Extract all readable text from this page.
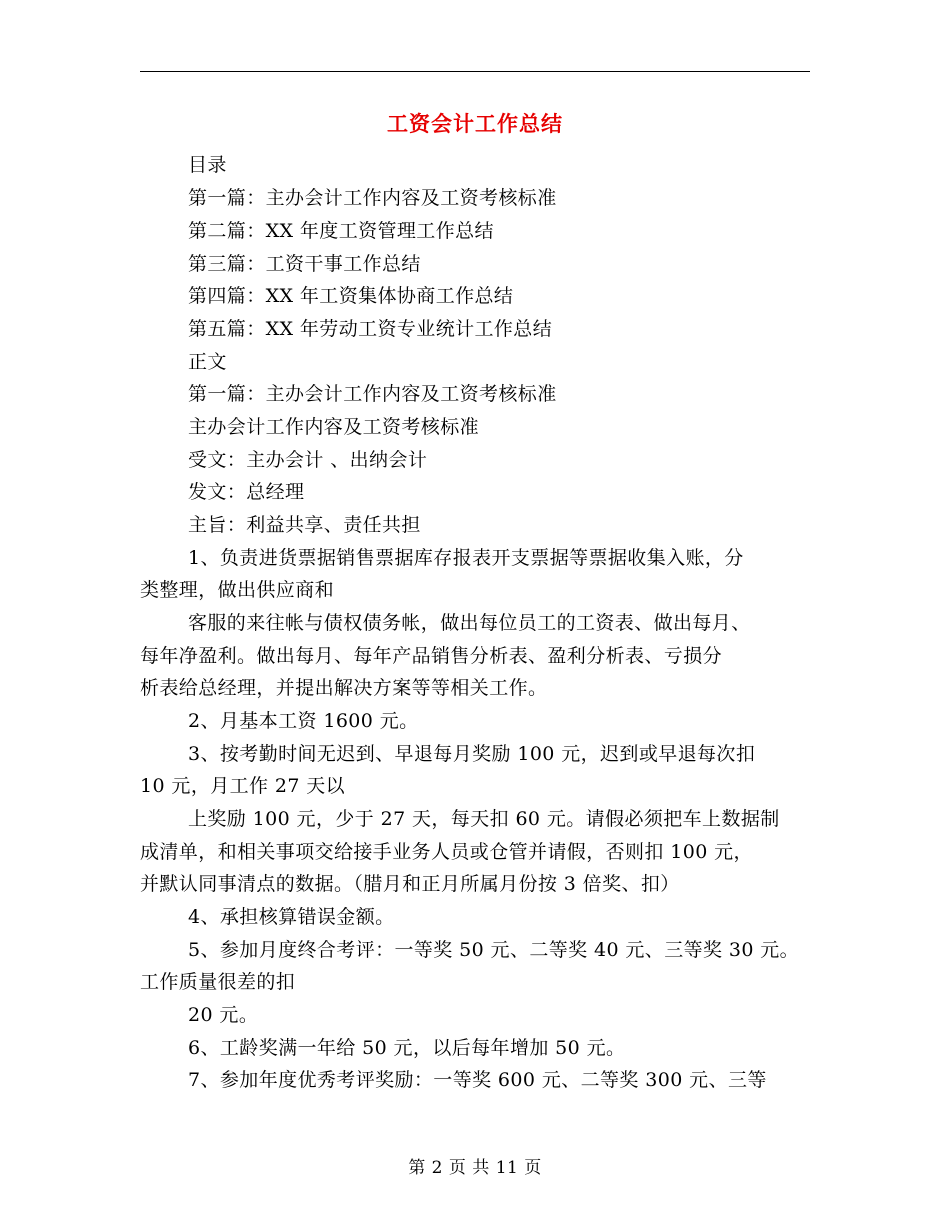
工资会计工作总结
目录
第一篇：主办会计工作内容及工资考核标准
第二篇：XX 年度工资管理工作总结
第三篇：工资干事工作总结
第四篇：XX 年工资集体协商工作总结
第五篇：XX 年劳动工资专业统计工作总结
正文
第一篇：主办会计工作内容及工资考核标准
主办会计工作内容及工资考核标准
受文：主办会计 、出纳会计
发文：总经理
主旨：利益共享、责任共担
1、负责进货票据销售票据库存报表开支票据等票据收集入账，分
类整理，做出供应商和
客服的来往帐与债权债务帐，做出每位员工的工资表、做出每月、
每年净盈利。做出每月、每年产品销售分析表、盈利分析表、亏损分
析表给总经理，并提出解决方案等等相关工作。
2、月基本工资 1600 元。
3、按考勤时间无迟到、早退每月奖励 100 元，迟到或早退每次扣
10 元，月工作 27 天以
上奖励 100 元，少于 27 天，每天扣 60 元。请假必须把车上数据制
成清单，和相关事项交给接手业务人员或仓管并请假，否则扣 100 元，
并默认同事清点的数据。（腊月和正月所属月份按 3 倍奖、扣）
4、承担核算错误金额。
5、参加月度终合考评：一等奖 50 元、二等奖 40 元、三等奖 30 元。
工作质量很差的扣
20 元。
6、工龄奖满一年给 50 元，以后每年增加 50 元。
7、参加年度优秀考评奖励：一等奖 600 元、二等奖 300 元、三等
第 2 页 共 11 页
